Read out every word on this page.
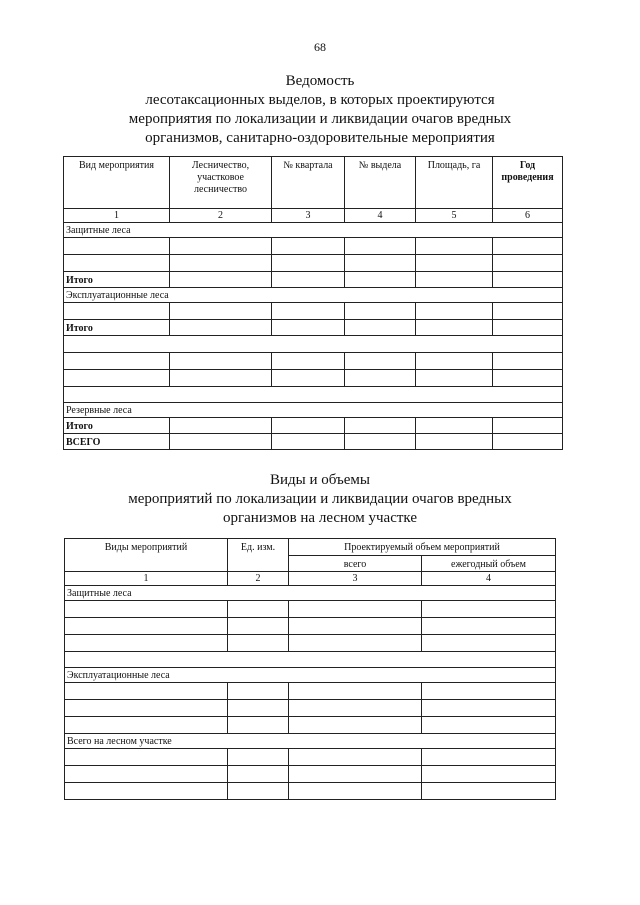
68
Ведомость
лесотаксационных выделов, в которых проектируются
мероприятия по локализации и ликвидации очагов вредных
организмов, санитарно-оздоровительные мероприятия
Вид мероприятия	Лесничество, участковое лесничество	№ квартала	№ выдела	Площадь, га	Год проведения
1	2	3	4	5	6
Защитные леса					

Итого					
Эксплуатационные леса					

Итого					

Резервные леса					
Итого					
ВСЕГО					
Виды и объемы
мероприятий по локализации и ликвидации очагов вредных
организмов на лесном участке
Виды мероприятий	Ед. изм.	Проектируемый объем мероприятий	
		всего	ежегодный объем
1	2	3	4
Защитные леса			

Эксплуатационные леса			

Всего на лесном участке			
